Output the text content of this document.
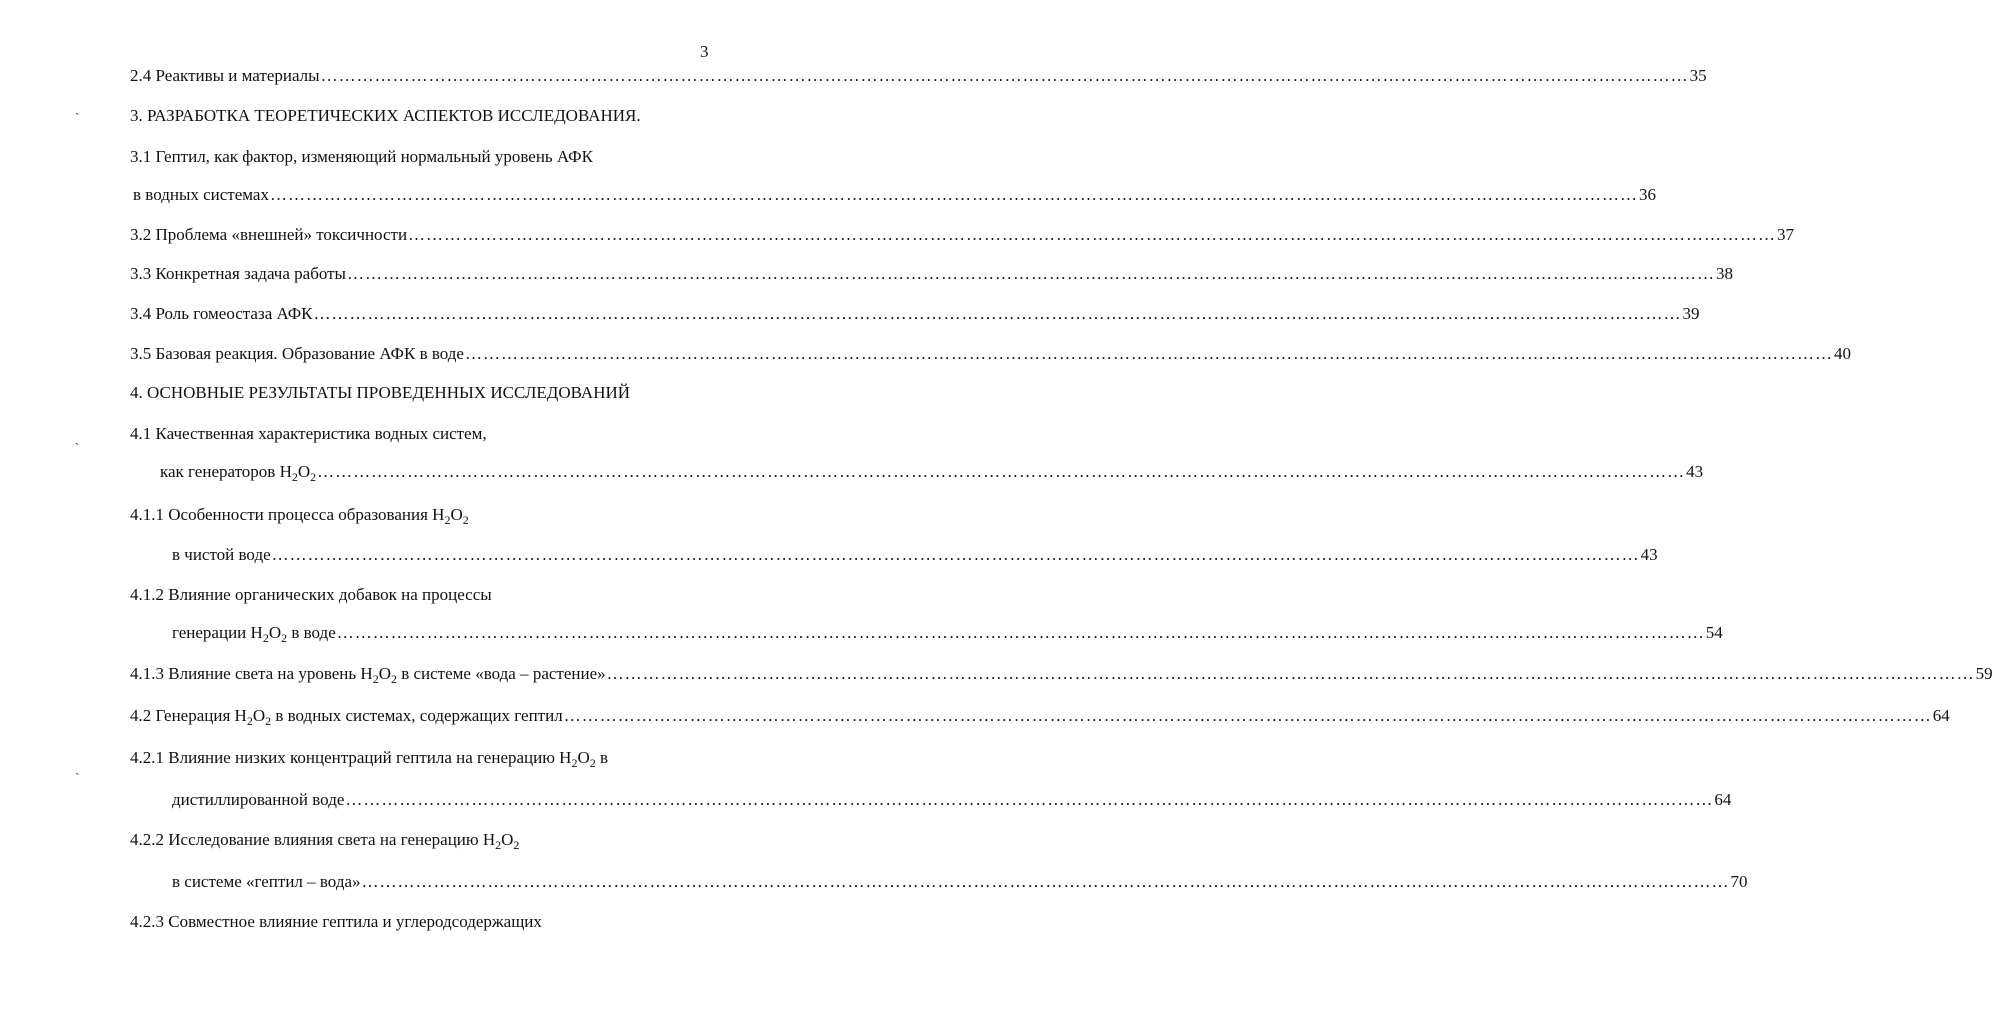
3
`
`
`
2.4 Реактивы и материалы ………………………………………………………………………………………………………………………………………………………………………………………………………… 35
3. РАЗРАБОТКА ТЕОРЕТИЧЕСКИХ АСПЕКТОВ ИССЛЕДОВАНИЯ.
3.1 Гептил, как фактор, изменяющий нормальный уровень АФК
в водных системах ………………………………………………………………………………………………………………………………………………………………………………………………………… 36
3.2 Проблема «внешней» токсичности ………………………………………………………………………………………………………………………………………………………………………………………………………… 37
3.3 Конкретная задача работы ………………………………………………………………………………………………………………………………………………………………………………………………………… 38
3.4 Роль гомеостаза АФК ………………………………………………………………………………………………………………………………………………………………………………………………………… 39
3.5 Базовая реакция. Образование АФК в воде ………………………………………………………………………………………………………………………………………………………………………………………………………… 40
4. ОСНОВНЫЕ РЕЗУЛЬТАТЫ ПРОВЕДЕННЫХ ИССЛЕДОВАНИЙ
4.1 Качественная характеристика водных систем,
как генераторов $H_2O_2$ ………………………………………………………………………………………………………………………………………………………………………………………………………… 43
4.1.1 Особенности процесса образования $H_2O_2$
в чистой воде ………………………………………………………………………………………………………………………………………………………………………………………………………… 43
4.1.2 Влияние органических добавок на процессы
генерации $H_2O_2$ в воде ………………………………………………………………………………………………………………………………………………………………………………………………………… 54
4.1.3 Влияние света на уровень $H_2O_2$ в системе «вода – растение» ………………………………………………………………………………………………………………………………………………………………………………………………………… 59
4.2 Генерация $H_2O_2$ в водных системах, содержащих гептил ………………………………………………………………………………………………………………………………………………………………………………………………………… 64
4.2.1 Влияние низких концентраций гептила на генерацию $H_2O_2$ в
дистиллированной воде ………………………………………………………………………………………………………………………………………………………………………………………………………… 64
4.2.2 Исследование влияния света на генерацию $H_2O_2$
в системе «гептил – вода» ………………………………………………………………………………………………………………………………………………………………………………………………………… 70
4.2.3 Совместное влияние гептила и углеродсодержащих
